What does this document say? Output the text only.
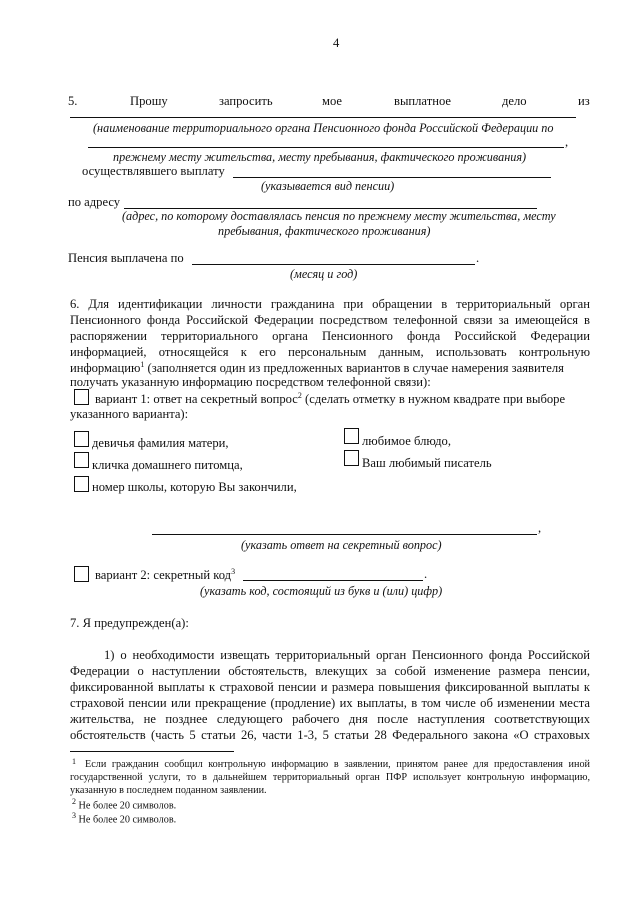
4
5.	Прошу	запросить	мое	выплатное	дело	из
(наименование территориального органа Пенсионного фонда Российской Федерации по
,
прежнему месту жительства, месту пребывания, фактического проживания)
осуществлявшего выплату
(указывается вид пенсии)
по адресу
(адрес, по которому доставлялась пенсия по прежнему месту жительства, месту
пребывания, фактического проживания)
Пенсия выплачена по	.
(месяц и год)
6. Для идентификации личности гражданина при обращении в территориальный орган
Пенсионного фонда Российской Федерации посредством телефонной связи за имеющейся в
распоряжении территориального органа Пенсионного фонда Российской Федерации
информацией, относящейся к его персональным данным, использовать контрольную
информацию$^1$ (заполняется один из предложенных вариантов в случае намерения заявителя
получать указанную информацию посредством телефонной связи):
вариант 1: ответ на секретный вопрос$^2$ (сделать отметку в нужном квадрате при выборе
указанного варианта):
девичья фамилия матери,	любимое блюдо,
кличка домашнего питомца,	Ваш любимый писатель
номер школы, которую Вы закончили,
,
(указать ответ на секретный вопрос)
вариант 2: секретный код$^3$	.
(указать код, состоящий из букв и (или) цифр)
7. Я предупрежден(а):
1) о необходимости извещать территориальный орган Пенсионного фонда Российской
Федерации о наступлении обстоятельств, влекущих за собой изменение размера пенсии,
фиксированной выплаты к страховой пенсии и размера повышения фиксированной выплаты к
страховой пенсии или прекращение (продление) их выплаты, в том числе об изменении места
жительства, не позднее следующего рабочего дня после наступления соответствующих
обстоятельств (часть 5 статьи 26, части 1-3, 5 статьи 28 Федерального закона «О страховых
$^1$ Если гражданин сообщил контрольную информацию в заявлении, принятом ранее для предоставления иной
государственной услуги, то в дальнейшем территориальный орган ПФР использует контрольную информацию,
указанную в последнем поданном заявлении.
$^2$ Не более 20 символов.
$^3$ Не более 20 символов.
